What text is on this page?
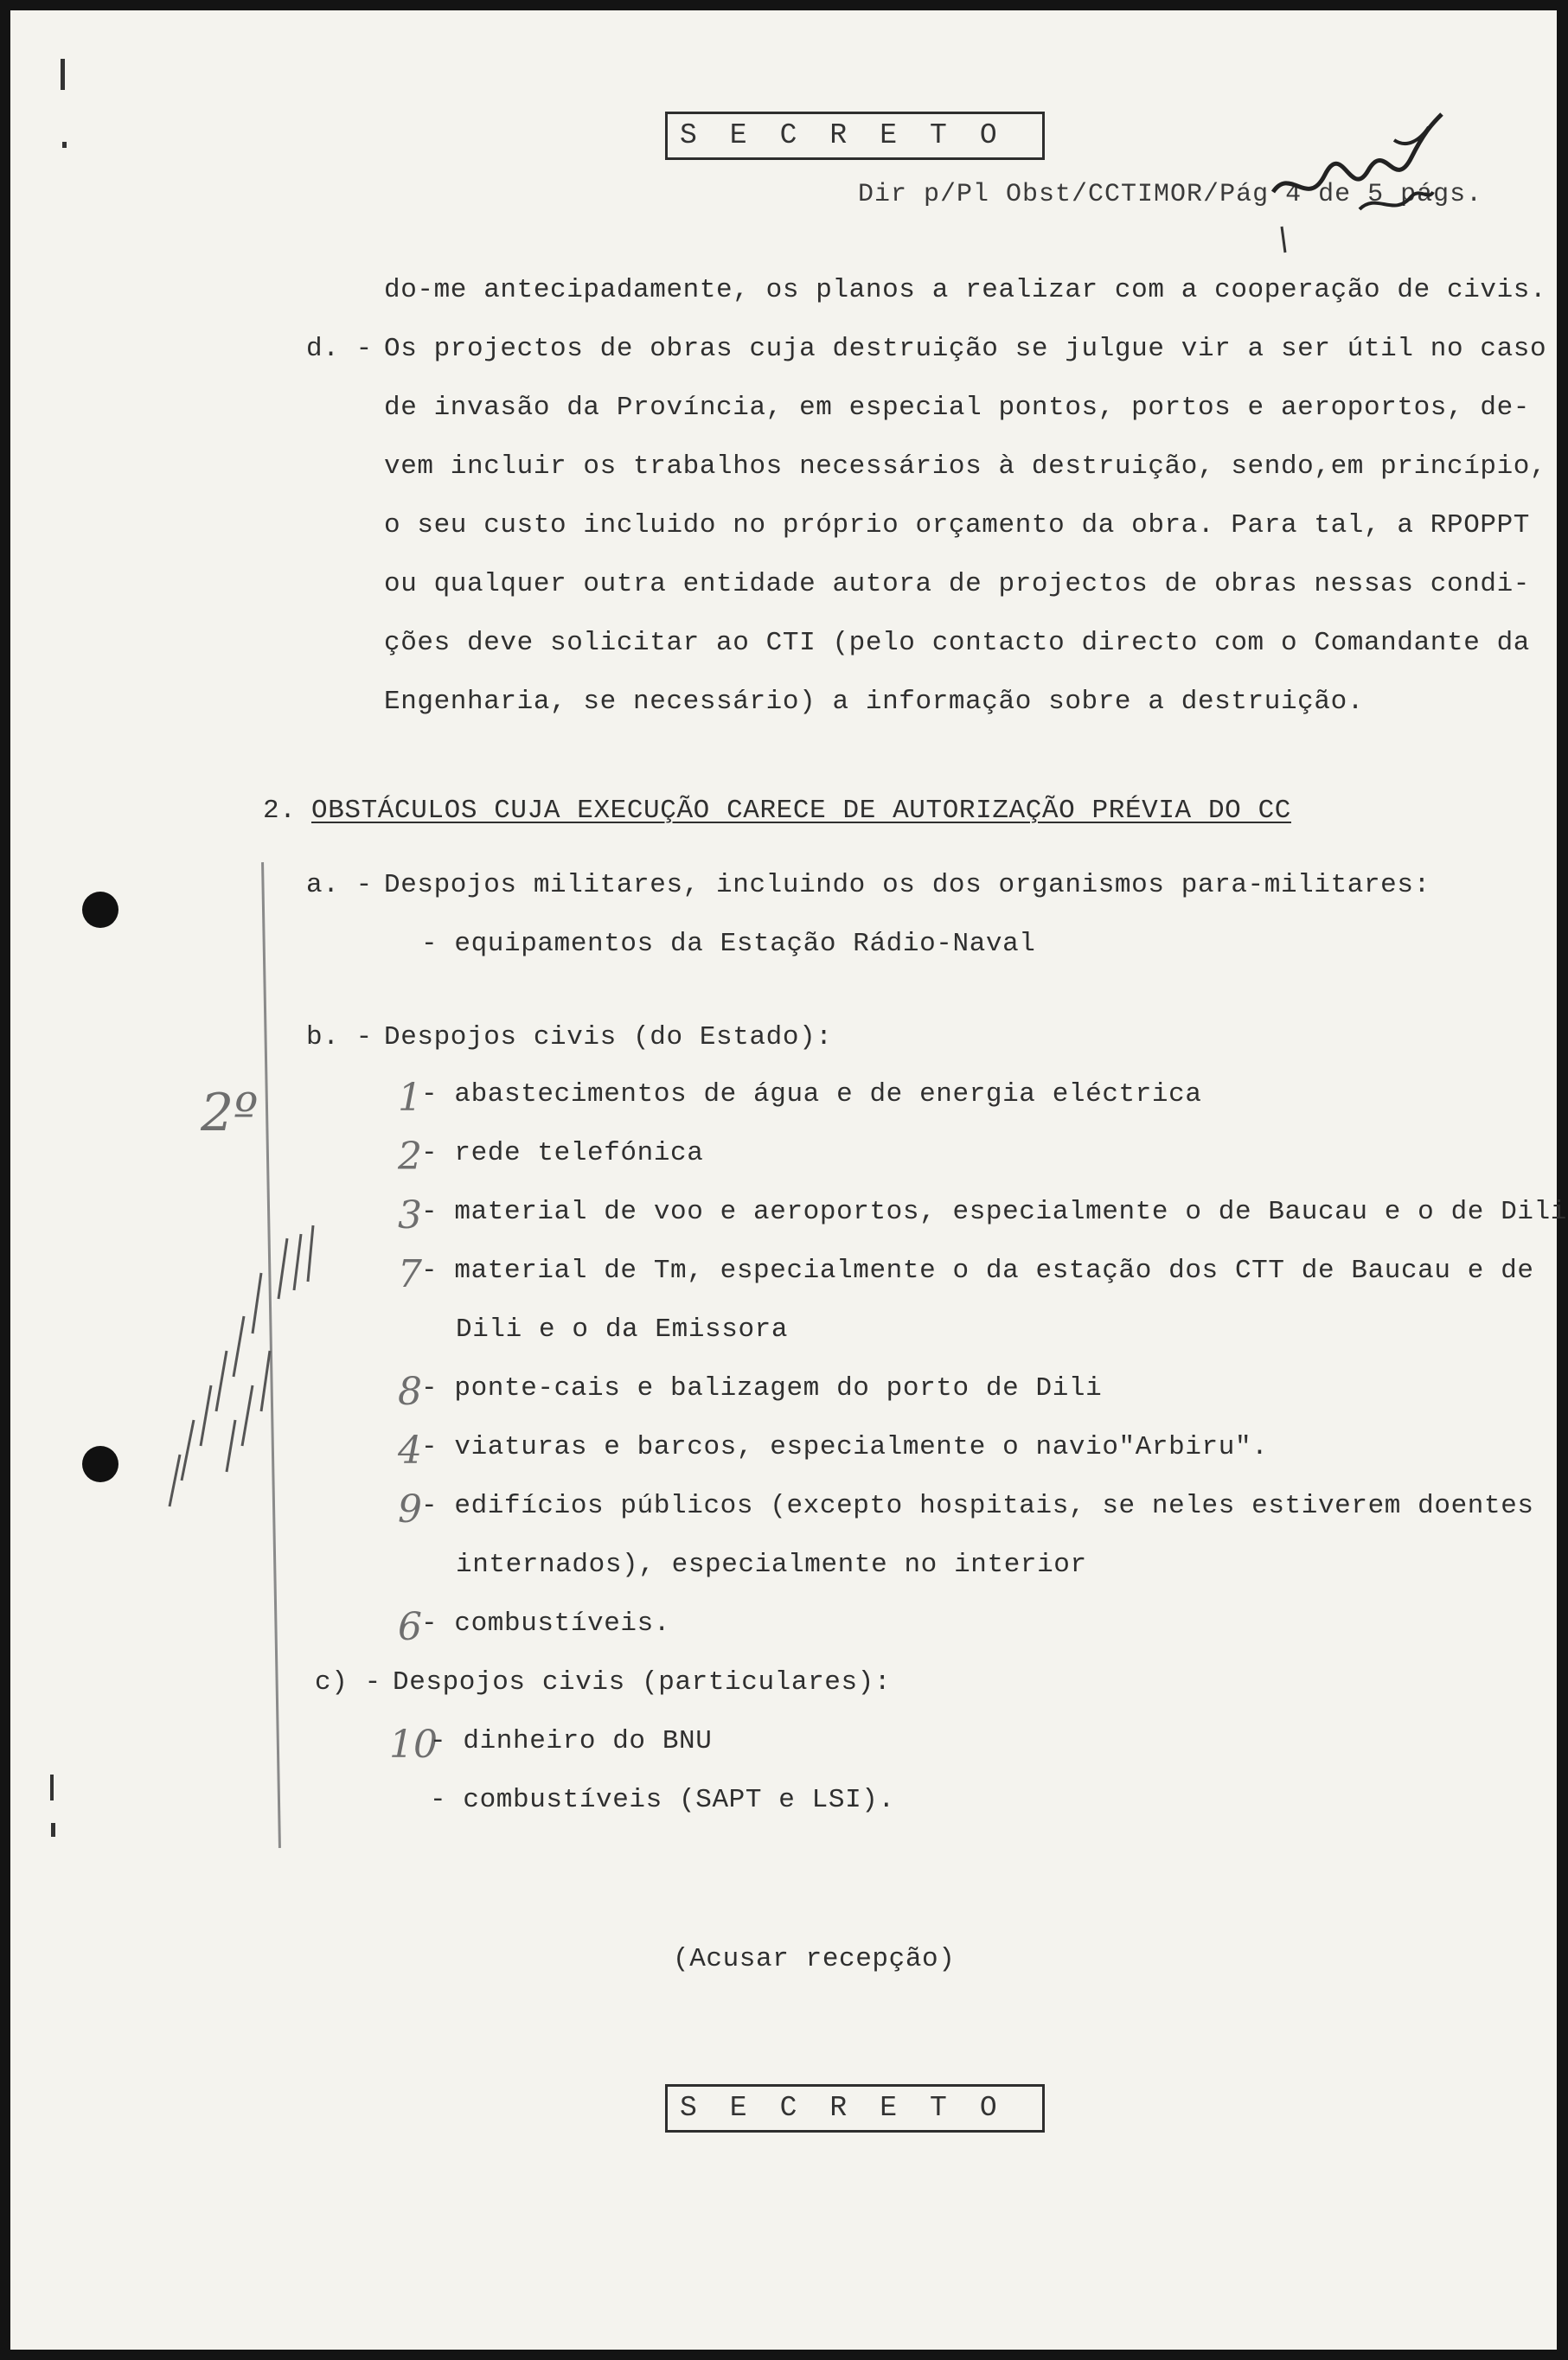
SECRETO
Dir p/Pl Obst/CCTIMOR/Pág 4 de 5 págs.
do-me antecipadamente, os planos a realizar com a cooperação de civis.
d. - Os projectos de obras cuja destruição se julgue vir a ser útil no caso
de invasão da Província, em especial pontos, portos e aeroportos, de-
vem incluir os trabalhos necessários à destruição, sendo,em princípio,
o seu custo incluido no próprio orçamento da obra. Para tal, a RPOPPT
ou qualquer outra entidade autora de projectos de obras nessas condi-
ções deve solicitar ao CTI (pelo contacto directo com o Comandante da
Engenharia, se necessário) a informação sobre a destruição.
2. OBSTÁCULOS CUJA EXECUÇÃO CARECE DE AUTORIZAÇÃO PRÉVIA DO CC
a. - Despojos militares, incluindo os dos organismos para-militares:
- equipamentos da Estação Rádio-Naval
b. - Despojos civis (do Estado):
2º	1 - abastecimentos de água e de energia eléctrica
2 - rede telefónica
3 - material de voo e aeroportos, especialmente o de Baucau e o de Dili
7 - material de Tm, especialmente o da estação dos CTT de Baucau e de
Dili e o da Emissora
8 - ponte-cais e balizagem do porto de Dili
4 - viaturas e barcos, especialmente o navio"Arbiru".
9 - edifícios públicos (excepto hospitais, se neles estiverem doentes
internados), especialmente no interior
6 - combustíveis.
c) - Despojos civis (particulares):
10
- dinheiro do BNU
- combustíveis (SAPT e LSI).
(Acusar recepção)
SECRETO
